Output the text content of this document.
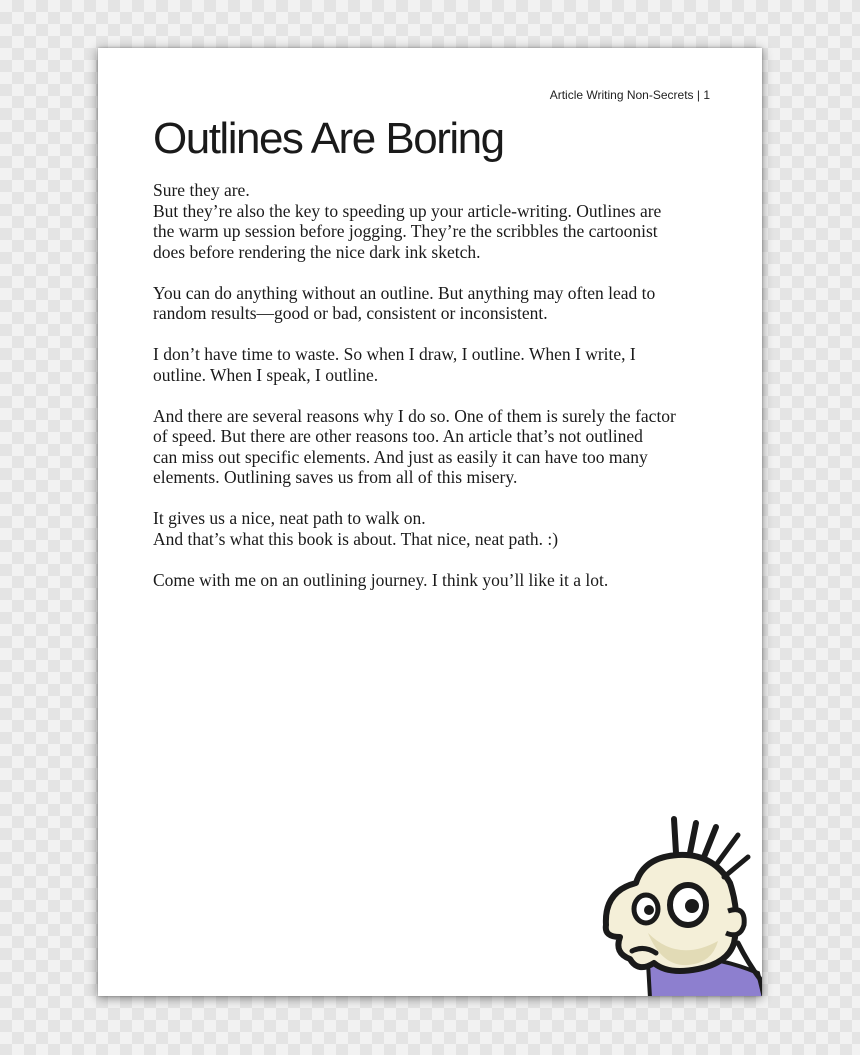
Article Writing Non-Secrets | 1
Outlines Are Boring

Sure they are.
But they’re also the key to speeding up your article-writing. Outlines are
the warm up session before jogging. They’re the scribbles the cartoonist
does before rendering the nice dark ink sketch.

You can do anything without an outline. But anything may often lead to
random results—good or bad, consistent or inconsistent.

I don’t have time to waste. So when I draw, I outline. When I write, I
outline. When I speak, I outline.

And there are several reasons why I do so. One of them is surely the factor
of speed. But there are other reasons too. An article that’s not outlined
can miss out specific elements. And just as easily it can have too many
elements. Outlining saves us from all of this misery.

It gives us a nice, neat path to walk on.
And that’s what this book is about. That nice, neat path. :)

Come with me on an outlining journey. I think you’ll like it a lot.
